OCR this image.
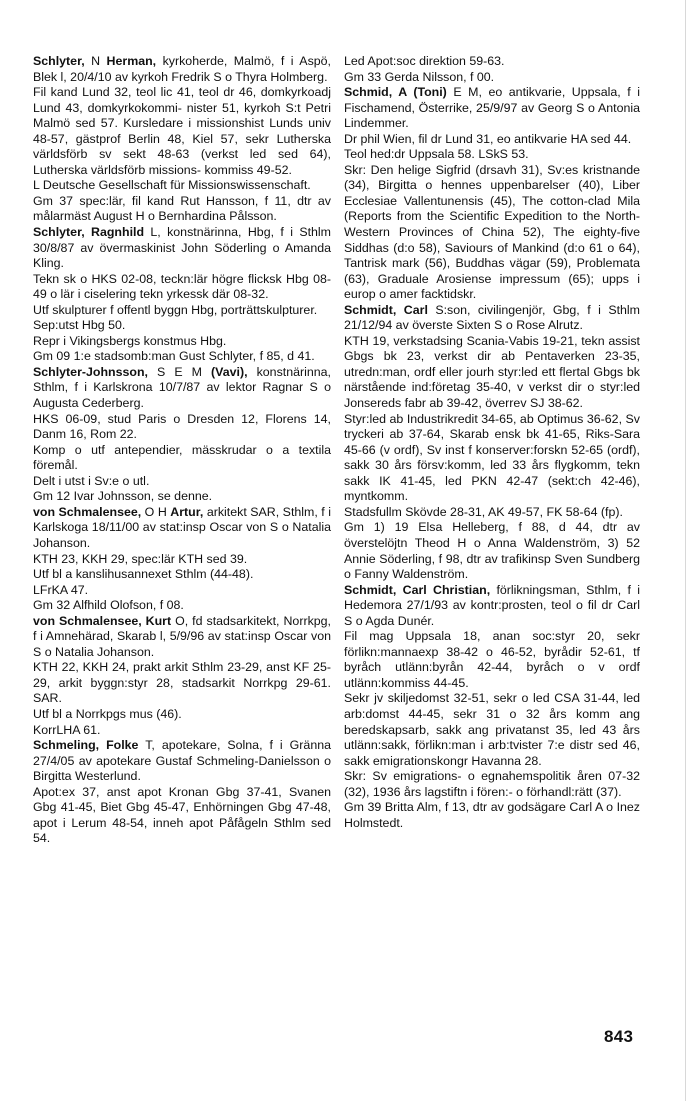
Schlyter, N Herman, kyrkoherde, Malmö, f i Aspö, Blek l, 20/4/10 av kyrkoh Fredrik S o Thyra Holmberg.

Fil kand Lund 32, teol lic 41, teol dr 46, domkyrkoadj Lund 43, domkyrkokommi- nister 51, kyrkoh S:t Petri Malmö sed 57. Kursledare i missionshist Lunds univ 48-57, gästprof Berlin 48, Kiel 57, sekr Lutherska världsförb sv sekt 48-63 (verkst led sed 64), Lutherska världsförb missions- kommiss 49-52.

L Deutsche Gesellschaft für Missionswissenschaft.

Gm 37 spec:lär, fil kand Rut Hansson, f 11, dtr av målarmäst August H o Bernhardina Pålsson.

Schlyter, Ragnhild L, konstnärinna, Hbg, f i Sthlm 30/8/87 av övermaskinist John Söderling o Amanda Kling.

Tekn sk o HKS 02-08, teckn:lär högre flicksk Hbg 08-49 o lär i ciselering tekn yrkessk där 08-32.

Utf skulpturer f offentl byggn Hbg, porträttskulpturer.

Sep:utst Hbg 50.

Repr i Vikingsbergs konstmus Hbg.

Gm 09 1:e stadsomb:man Gust Schlyter, f 85, d 41.

Schlyter-Johnsson, S E M (Vavi), konstnärinna, Sthlm, f i Karlskrona 10/7/87 av lektor Ragnar S o Augusta Cederberg.

HKS 06-09, stud Paris o Dresden 12, Florens 14, Danm 16, Rom 22.

Komp o utf antependier, mässkrudar o a textila föremål.

Delt i utst i Sv:e o utl.

Gm 12 Ivar Johnsson, se denne.

von Schmalensee, O H Artur, arkitekt SAR, Sthlm, f i Karlskoga 18/11/00 av stat:insp Oscar von S o Natalia Johanson.

KTH 23, KKH 29, spec:lär KTH sed 39.

Utf bl a kanslihusannexet Sthlm (44-48).

LFrKA 47.

Gm 32 Alfhild Olofson, f 08.

von Schmalensee, Kurt O, fd stadsarkitekt, Norrkpg, f i Amnehärad, Skarab l, 5/9/96 av stat:insp Oscar von S o Natalia Johanson.

KTH 22, KKH 24, prakt arkit Sthlm 23-29, anst KF 25-29, arkit byggn:styr 28, stadsarkit Norrkpg 29-61. SAR.

Utf bl a Norrkpgs mus (46).

KorrLHA 61.

Schmeling, Folke T, apotekare, Solna, f i Gränna 27/4/05 av apotekare Gustaf Schmeling-Danielsson o Birgitta Westerlund.

Apot:ex 37, anst apot Kronan Gbg 37-41, Svanen Gbg 41-45, Biet Gbg 45-47, Enhörningen Gbg 47-48, apot i Lerum 48-54, inneh apot Påfågeln Sthlm sed 54.

Led Apot:soc direktion 59-63.

Gm 33 Gerda Nilsson, f 00.

Schmid, A (Toni) E M, eo antikvarie, Uppsala, f i Fischamend, Österrike, 25/9/97 av Georg S o Antonia Lindemmer.

Dr phil Wien, fil dr Lund 31, eo antikvarie HA sed 44.

Teol hed:dr Uppsala 58. LSkS 53.

Skr: Den helige Sigfrid (drsavh 31), Sv:es kristnande (34), Birgitta o hennes uppenbarelser (40), Liber Ecclesiae Vallentunensis (45), The cotton-clad Mila (Reports from the Scientific Expedition to the North-Western Provinces of China 52), The eighty-five Siddhas (d:o 58), Saviours of Mankind (d:o 61 o 64), Tantrisk mark (56), Buddhas vägar (59), Problemata (63), Graduale Arosiense impressum (65); upps i europ o amer facktidskr.

Schmidt, Carl S:son, civilingenjör, Gbg, f i Sthlm 21/12/94 av överste Sixten S o Rose Alrutz.

KTH 19, verkstadsing Scania-Vabis 19-21, tekn assist Gbgs bk 23, verkst dir ab Pentaverken 23-35, utredn:man, ordf eller jourh styr:led ett flertal Gbgs bk närstående ind:företag 35-40, v verkst dir o styr:led Jonsereds fabr ab 39-42, överrev SJ 38-62.

Styr:led ab Industrikredit 34-65, ab Optimus 36-62, Sv tryckeri ab 37-64, Skarab ensk bk 41-65, Riks-Sara 45-66 (v ordf), Sv inst f konserver:forskn 52-65 (ordf), sakk 30 års försv:komm, led 33 års flygkomm, tekn sakk IK 41-45, led PKN 42-47 (sekt:ch 42-46), myntkomm.

Stadsfullm Skövde 28-31, AK 49-57, FK 58-64 (fp).

Gm 1) 19 Elsa Helleberg, f 88, d 44, dtr av överstelöjtn Theod H o Anna Waldenström, 3) 52 Annie Söderling, f 98, dtr av trafikinsp Sven Sundberg o Fanny Waldenström.

Schmidt, Carl Christian, förlikningsman, Sthlm, f i Hedemora 27/1/93 av kontr:prosten, teol o fil dr Carl S o Agda Dunér.

Fil mag Uppsala 18, anan soc:styr 20, sekr förlikn:mannaexp 38-42 o 46-52, byrådir 52-61, tf byråch utlänn:byrån 42-44, byråch o v ordf utlänn:kommiss 44-45.

Sekr jv skiljedomst 32-51, sekr o led CSA 31-44, led arb:domst 44-45, sekr 31 o 32 års komm ang beredskapsarb, sakk ang privatanst 35, led 43 års utlänn:sakk, förlikn:man i arb:tvister 7:e distr sed 46, sakk emigrationskongr Havanna 28.

Skr: Sv emigrations- o egnahemspolitik åren 07-32 (32), 1936 års lagstiftn i fören:- o förhandl:rätt (37).

Gm 39 Britta Alm, f 13, dtr av godsägare Carl A o Inez Holmstedt.

843
